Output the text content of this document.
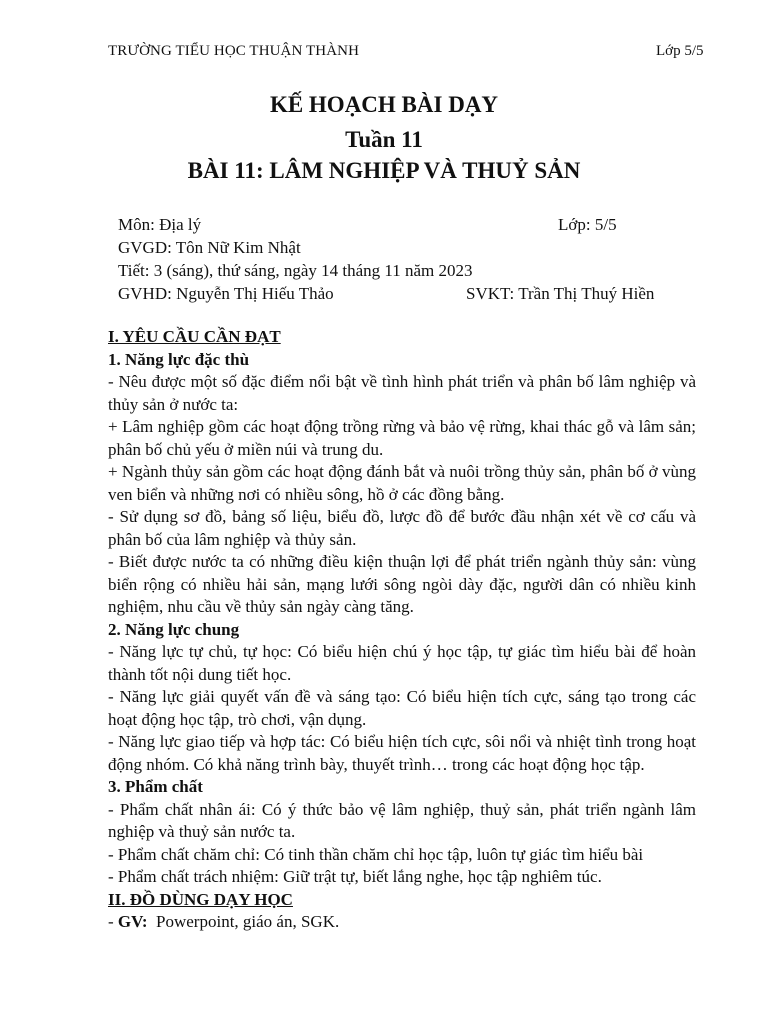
TRƯỜNG TIỂU HỌC THUẬN THÀNH	Lớp 5/5
KẾ HOẠCH BÀI DẠY
Tuần 11
BÀI 11: LÂM NGHIỆP VÀ THUỶ SẢN
Môn: Địa lý	Lớp: 5/5
GVGD: Tôn Nữ Kim Nhật
Tiết: 3 (sáng), thứ sáng, ngày 14 tháng 11 năm 2023
GVHD: Nguyễn Thị Hiếu Thảo	SVKT: Trần Thị Thuý Hiền

I. YÊU CẦU CẦN ĐẠT

1. Năng lực đặc thù

- Nêu được một số đặc điểm nổi bật về tình hình phát triển và phân bố lâm nghiệp và thủy sản ở nước ta:

+ Lâm nghiệp gồm các hoạt động trồng rừng và bảo vệ rừng, khai thác gỗ và lâm sản; phân bố chủ yếu ở miền núi và trung du.

+ Ngành thủy sản gồm các hoạt động đánh bắt và nuôi trồng thủy sản, phân bố ở vùng ven biển và những nơi có nhiều sông, hồ ở các đồng bằng.

- Sử dụng sơ đồ, bảng số liệu, biểu đồ, lược đồ để bước đầu nhận xét về cơ cấu và phân bố của lâm nghiệp và thủy sản.

- Biết được nước ta có những điều kiện thuận lợi để phát triển ngành thủy sản: vùng biển rộng có nhiều hải sản, mạng lưới sông ngòi dày đặc, người dân có nhiều kinh nghiệm, nhu cầu về thủy sản ngày càng tăng.

2. Năng lực chung

- Năng lực tự chủ, tự học: Có biểu hiện chú ý học tập, tự giác tìm hiểu bài để hoàn thành tốt nội dung tiết học.

- Năng lực giải quyết vấn đề và sáng tạo: Có biểu hiện tích cực, sáng tạo trong các hoạt động học tập, trò chơi, vận dụng.

- Năng lực giao tiếp và hợp tác: Có biểu hiện tích cực, sôi nổi và nhiệt tình trong hoạt động nhóm. Có khả năng trình bày, thuyết trình… trong các hoạt động học tập.

3. Phẩm chất

- Phẩm chất nhân ái: Có ý thức bảo vệ lâm nghiệp, thuỷ sản, phát triển ngành lâm nghiệp và thuỷ sản nước ta.

- Phẩm chất chăm chỉ: Có tinh thần chăm chỉ học tập, luôn tự giác tìm hiểu bài

- Phẩm chất trách nhiệm: Giữ trật tự, biết lắng nghe, học tập nghiêm túc.

II. ĐỒ DÙNG DẠY HỌC

- GV:  Powerpoint, giáo án, SGK.
